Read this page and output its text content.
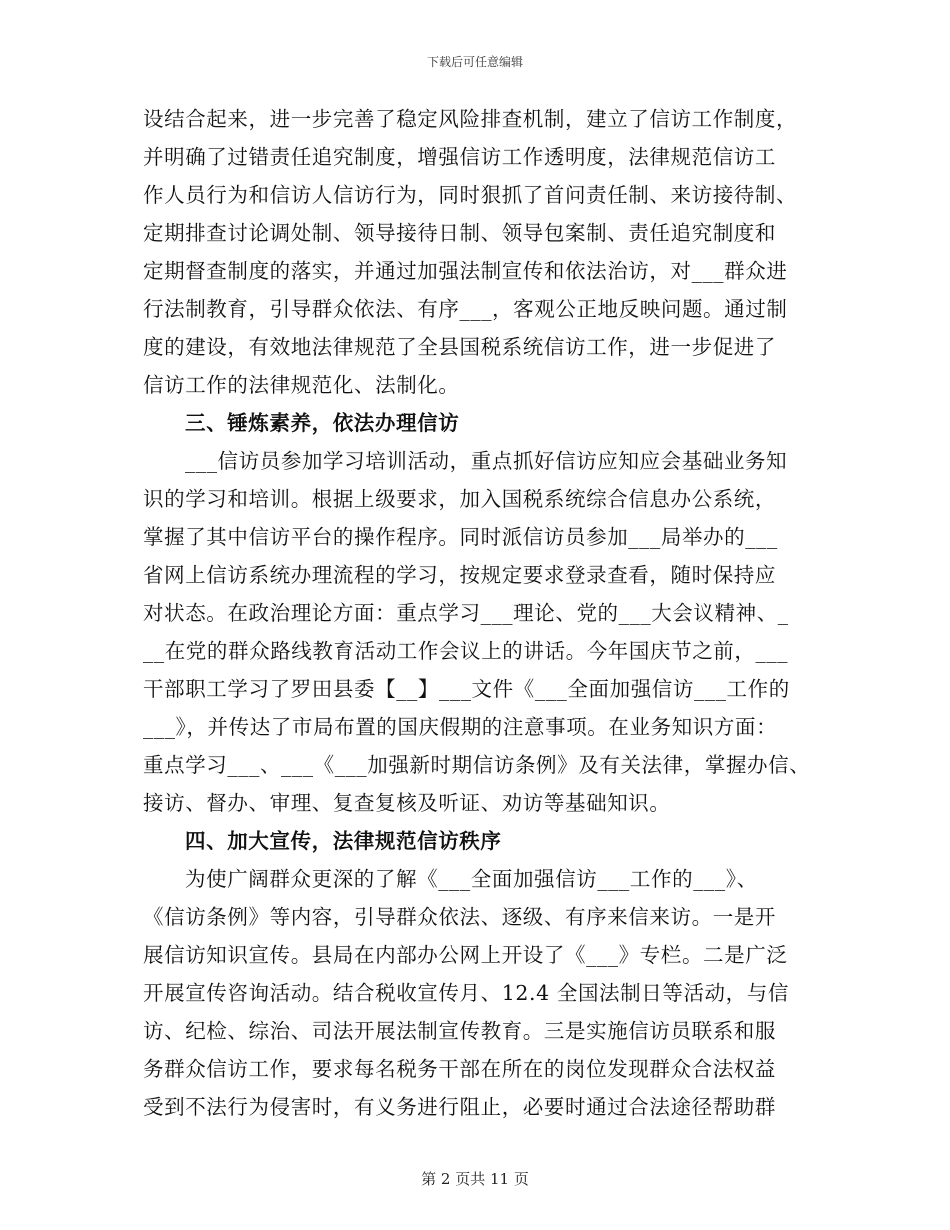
下载后可任意编辑
设结合起来，进一步完善了稳定风险排查机制，建立了信访工作制度，
并明确了过错责任追究制度，增强信访工作透明度，法律规范信访工
作人员行为和信访人信访行为，同时狠抓了首问责任制、来访接待制、
定期排查讨论调处制、领导接待日制、领导包案制、责任追究制度和
定期督查制度的落实，并通过加强法制宣传和依法治访，对___群众进
行法制教育，引导群众依法、有序___，客观公正地反映问题。通过制
度的建设，有效地法律规范了全县国税系统信访工作，进一步促进了
信访工作的法律规范化、法制化。
三、锤炼素养，依法办理信访
___信访员参加学习培训活动，重点抓好信访应知应会基础业务知
识的学习和培训。根据上级要求，加入国税系统综合信息办公系统，
掌握了其中信访平台的操作程序。同时派信访员参加___局举办的___
省网上信访系统办理流程的学习，按规定要求登录查看，随时保持应
对状态。在政治理论方面：重点学习___理论、党的___大会议精神、_
__在党的群众路线教育活动工作会议上的讲话。今年国庆节之前，___
干部职工学习了罗田县委【__】___文件《___全面加强信访___工作的
___》，并传达了市局布置的国庆假期的注意事项。在业务知识方面：
重点学习___、___《___加强新时期信访条例》及有关法律，掌握办信、
接访、督办、审理、复查复核及听证、劝访等基础知识。
四、加大宣传，法律规范信访秩序
为使广阔群众更深的了解《___全面加强信访___工作的___》、
《信访条例》等内容，引导群众依法、逐级、有序来信来访。一是开
展信访知识宣传。县局在内部办公网上开设了《___》专栏。二是广泛
开展宣传咨询活动。结合税收宣传月、12.4 全国法制日等活动，与信
访、纪检、综治、司法开展法制宣传教育。三是实施信访员联系和服
务群众信访工作，要求每名税务干部在所在的岗位发现群众合法权益
受到不法行为侵害时，有义务进行阻止，必要时通过合法途径帮助群
第 2 页共 11 页
